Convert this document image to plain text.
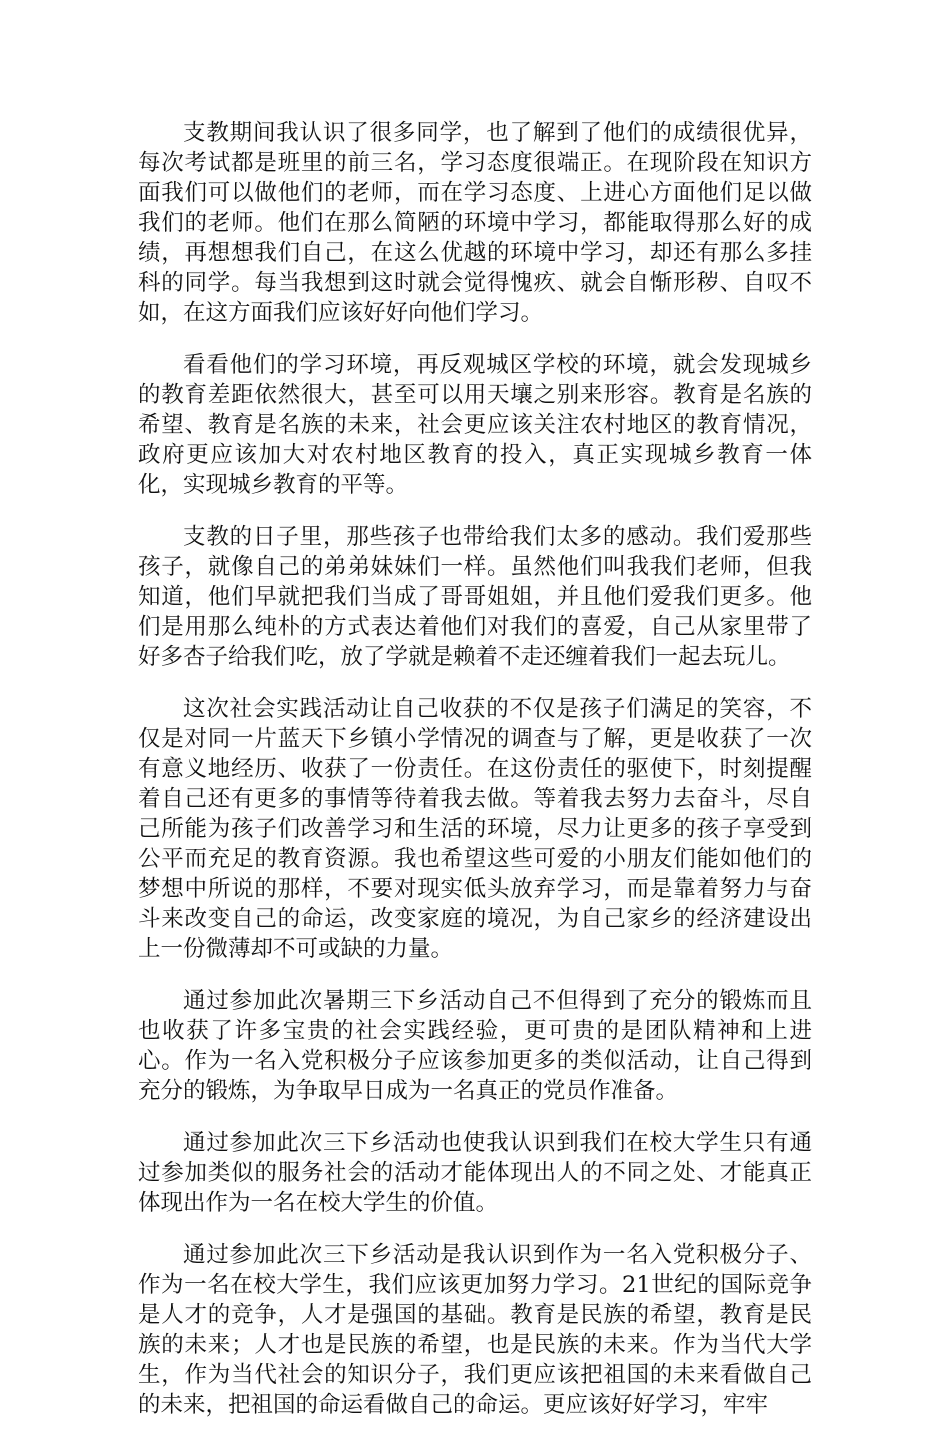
支教期间我认识了很多同学，也了解到了他们的成绩很优异，每次考试都是班里的前三名，学习态度很端正。在现阶段在知识方面我们可以做他们的老师，而在学习态度、上进心方面他们足以做我们的老师。他们在那么简陋的环境中学习，都能取得那么好的成绩，再想想我们自己，在这么优越的环境中学习，却还有那么多挂科的同学。每当我想到这时就会觉得愧疚、就会自惭形秽、自叹不如，在这方面我们应该好好向他们学习。

看看他们的学习环境，再反观城区学校的环境，就会发现城乡的教育差距依然很大，甚至可以用天壤之别来形容。教育是名族的希望、教育是名族的未来，社会更应该关注农村地区的教育情况，政府更应该加大对农村地区教育的投入，真正实现城乡教育一体化，实现城乡教育的平等。

支教的日子里，那些孩子也带给我们太多的感动。我们爱那些孩子，就像自己的弟弟妹妹们一样。虽然他们叫我我们老师，但我知道，他们早就把我们当成了哥哥姐姐，并且他们爱我们更多。他们是用那么纯朴的方式表达着他们对我们的喜爱，自己从家里带了好多杏子给我们吃，放了学就是赖着不走还缠着我们一起去玩儿。

这次社会实践活动让自己收获的不仅是孩子们满足的笑容，不仅是对同一片蓝天下乡镇小学情况的调查与了解，更是收获了一次有意义地经历、收获了一份责任。在这份责任的驱使下，时刻提醒着自己还有更多的事情等待着我去做。等着我去努力去奋斗，尽自己所能为孩子们改善学习和生活的环境，尽力让更多的孩子享受到公平而充足的教育资源。我也希望这些可爱的小朋友们能如他们的梦想中所说的那样，不要对现实低头放弃学习，而是靠着努力与奋斗来改变自己的命运，改变家庭的境况，为自己家乡的经济建设出上一份微薄却不可或缺的力量。

通过参加此次暑期三下乡活动自己不但得到了充分的锻炼而且也收获了许多宝贵的社会实践经验，更可贵的是团队精神和上进心。作为一名入党积极分子应该参加更多的类似活动，让自己得到充分的锻炼，为争取早日成为一名真正的党员作准备。

通过参加此次三下乡活动也使我认识到我们在校大学生只有通过参加类似的服务社会的活动才能体现出人的不同之处、才能真正体现出作为一名在校大学生的价值。

通过参加此次三下乡活动是我认识到作为一名入党积极分子、作为一名在校大学生，我们应该更加努力学习。21世纪的国际竞争是人才的竞争，人才是强国的基础。教育是民族的希望，教育是民族的未来；人才也是民族的希望，也是民族的未来。作为当代大学生，作为当代社会的知识分子，我们更应该把祖国的未来看做自己的未来，把祖国的命运看做自己的命运。更应该好好学习，牢牢
